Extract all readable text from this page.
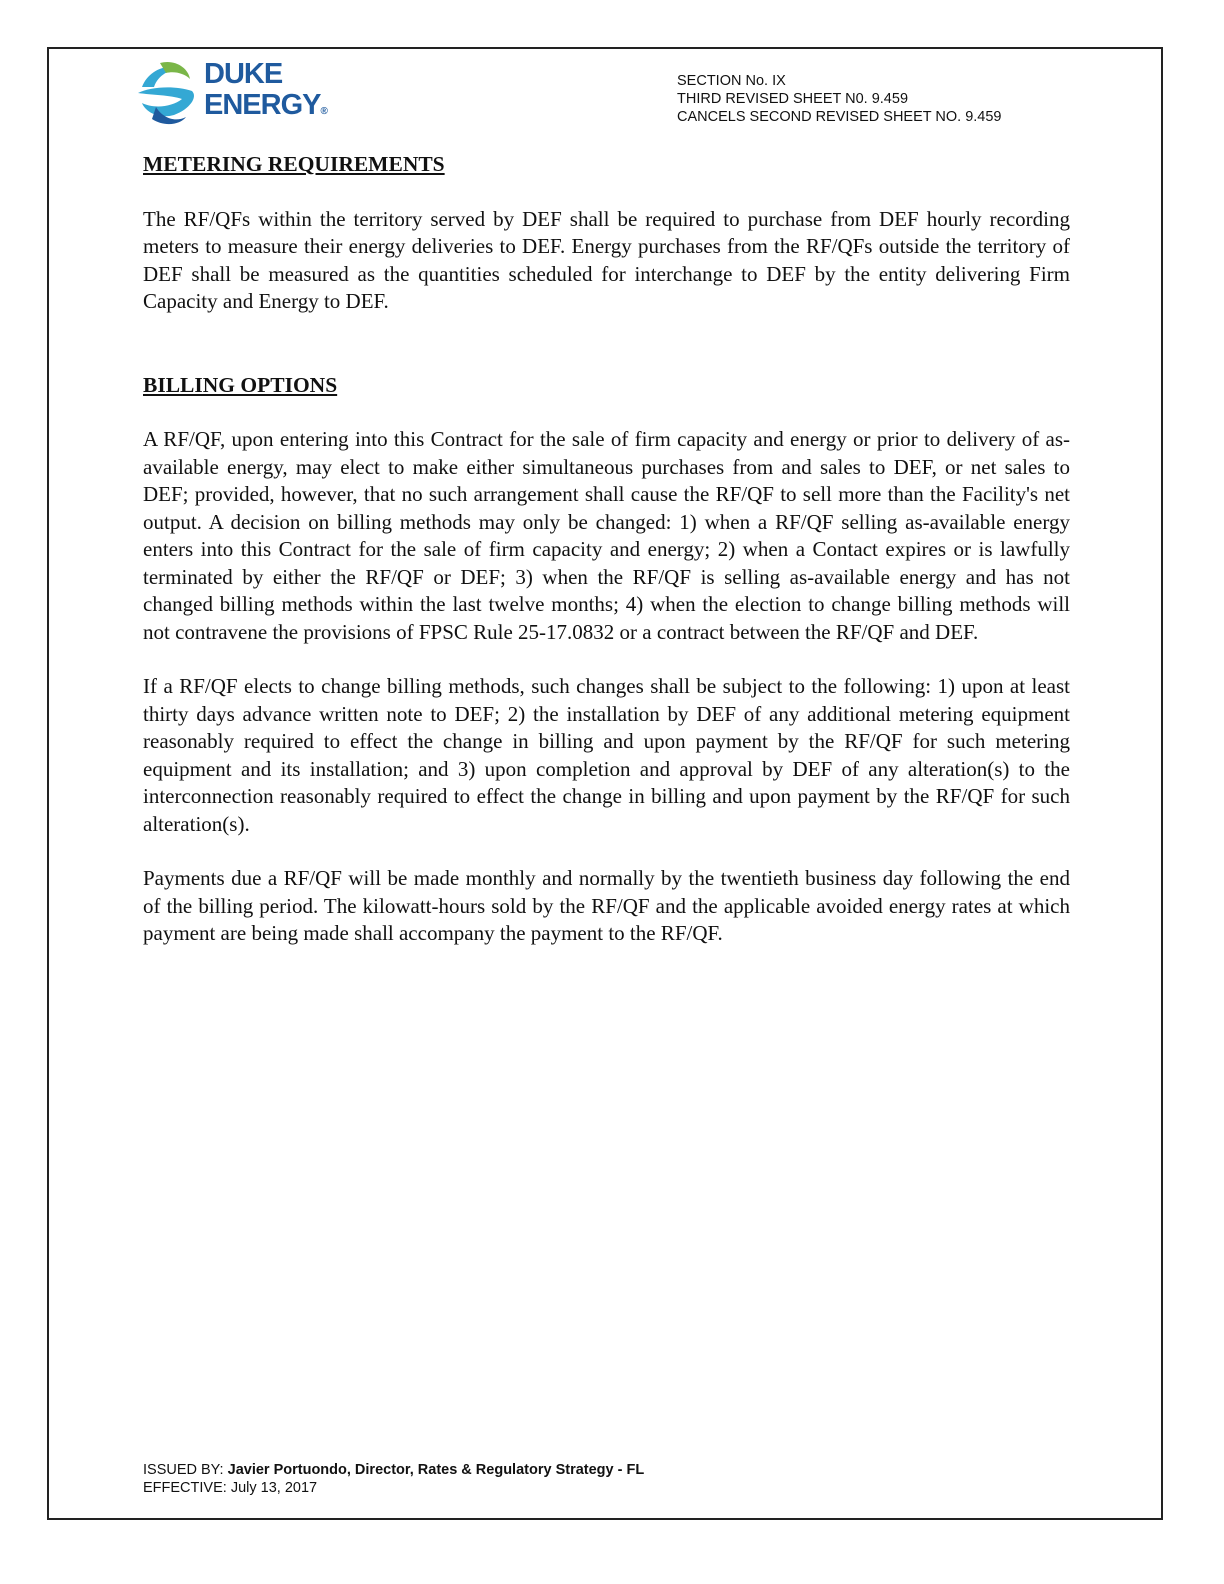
DUKE
ENERGY®
SECTION No. IX
THIRD REVISED SHEET N0. 9.459
CANCELS SECOND REVISED SHEET NO. 9.459
METERING REQUIREMENTS

The RF/QFs within the territory served by DEF shall be required to purchase from DEF hourly recording meters to measure their energy deliveries to DEF. Energy purchases from the RF/QFs outside the territory of DEF shall be measured as the quantities scheduled for interchange to DEF by the entity delivering Firm Capacity and Energy to DEF.

BILLING OPTIONS

A RF/QF, upon entering into this Contract for the sale of firm capacity and energy or prior to delivery of as-available energy, may elect to make either simultaneous purchases from and sales to DEF, or net sales to DEF; provided, however, that no such arrangement shall cause the RF/QF to sell more than the Facility's net output. A decision on billing methods may only be changed: 1) when a RF/QF selling as-available energy enters into this Contract for the sale of firm capacity and energy; 2) when a Contact expires or is lawfully terminated by either the RF/QF or DEF; 3) when the RF/QF is selling as-available energy and has not changed billing methods within the last twelve months; 4) when the election to change billing methods will not contravene the provisions of FPSC Rule 25-17.0832 or a contract between the RF/QF and DEF.

If a RF/QF elects to change billing methods, such changes shall be subject to the following: 1) upon at least thirty days advance written note to DEF; 2) the installation by DEF of any additional metering equipment reasonably required to effect the change in billing and upon payment by the RF/QF for such metering equipment and its installation; and 3) upon completion and approval by DEF of any alteration(s) to the interconnection reasonably required to effect the change in billing and upon payment by the RF/QF for such alteration(s).

Payments due a RF/QF will be made monthly and normally by the twentieth business day following the end of the billing period. The kilowatt-hours sold by the RF/QF and the applicable avoided energy rates at which payment are being made shall accompany the payment to the RF/QF.

ISSUED BY: Javier Portuondo, Director, Rates & Regulatory Strategy - FL
EFFECTIVE: July 13, 2017
